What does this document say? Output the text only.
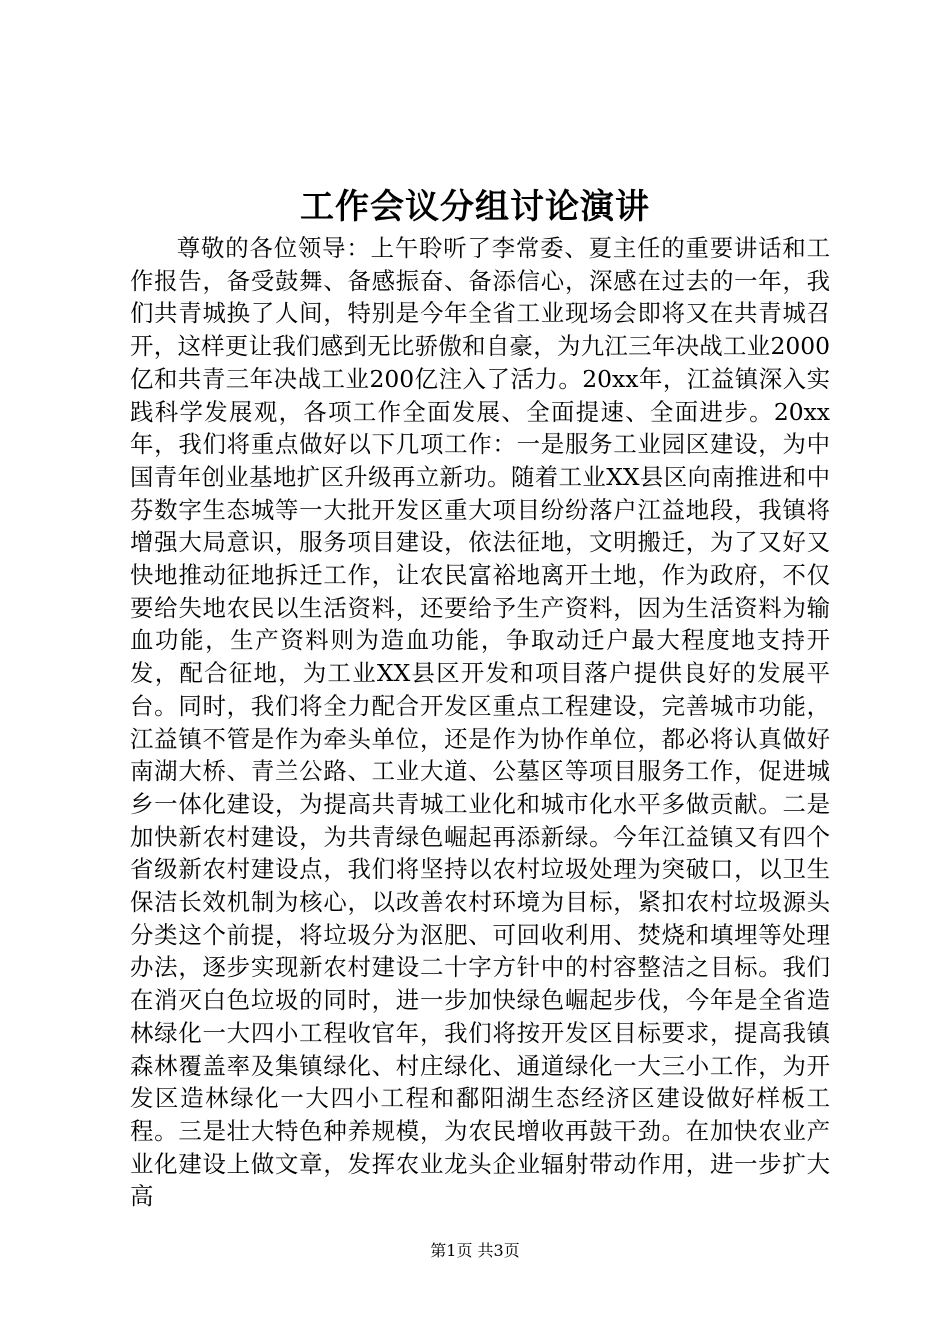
工作会议分组讨论演讲

尊敬的各位领导：上午聆听了李常委、夏主任的重要讲话和工作报告，备受鼓舞、备感振奋、备添信心，深感在过去的一年，我们共青城换了人间，特别是今年全省工业现场会即将又在共青城召开，这样更让我们感到无比骄傲和自豪，为九江三年决战工业2000亿和共青三年决战工业200亿注入了活力。20xx年，江益镇深入实践科学发展观，各项工作全面发展、全面提速、全面进步。20xx年，我们将重点做好以下几项工作：一是服务工业园区建设，为中国青年创业基地扩区升级再立新功。随着工业XX县区向南推进和中芬数字生态城等一大批开发区重大项目纷纷落户江益地段，我镇将增强大局意识，服务项目建设，依法征地，文明搬迁，为了又好又快地推动征地拆迁工作，让农民富裕地离开土地，作为政府，不仅要给失地农民以生活资料，还要给予生产资料，因为生活资料为输血功能，生产资料则为造血功能，争取动迁户最大程度地支持开发，配合征地，为工业XX县区开发和项目落户提供良好的发展平台。同时，我们将全力配合开发区重点工程建设，完善城市功能，江益镇不管是作为牵头单位，还是作为协作单位，都必将认真做好南湖大桥、青兰公路、工业大道、公墓区等项目服务工作，促进城乡一体化建设，为提高共青城工业化和城市化水平多做贡献。二是加快新农村建设，为共青绿色崛起再添新绿。今年江益镇又有四个省级新农村建设点，我们将坚持以农村垃圾处理为突破口，以卫生保洁长效机制为核心，以改善农村环境为目标，紧扣农村垃圾源头分类这个前提，将垃圾分为沤肥、可回收利用、焚烧和填埋等处理办法，逐步实现新农村建设二十字方针中的村容整洁之目标。我们在消灭白色垃圾的同时，进一步加快绿色崛起步伐，今年是全省造林绿化一大四小工程收官年，我们将按开发区目标要求，提高我镇森林覆盖率及集镇绿化、村庄绿化、通道绿化一大三小工作，为开发区造林绿化一大四小工程和鄱阳湖生态经济区建设做好样板工程。三是壮大特色种养规模，为农民增收再鼓干劲。在加快农业产业化建设上做文章，发挥农业龙头企业辐射带动作用，进一步扩大高

第1页 共3页
